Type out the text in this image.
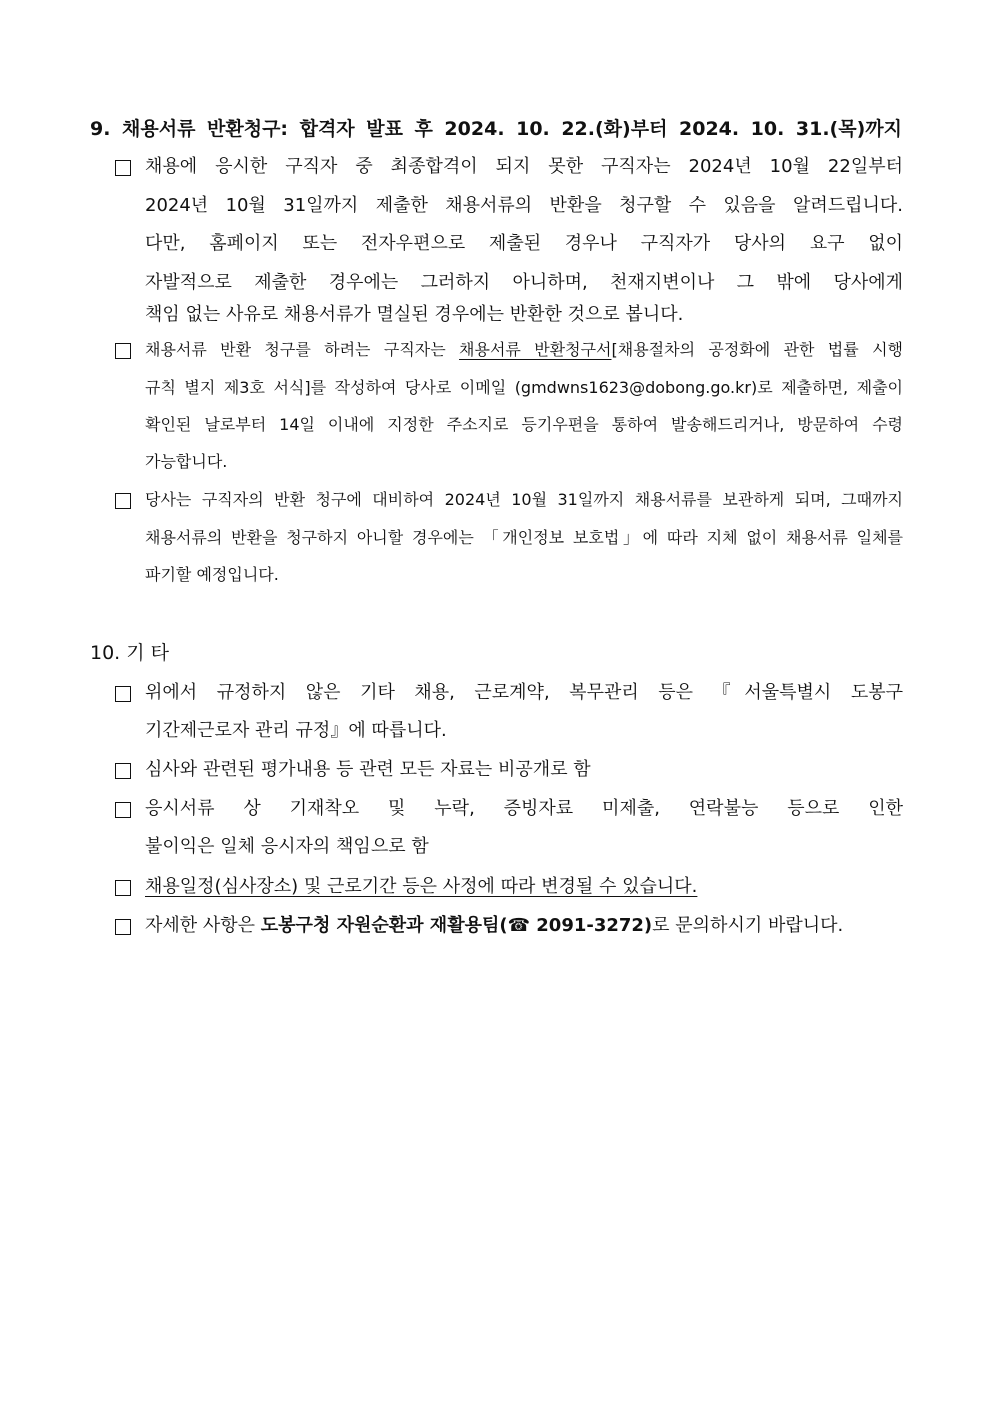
9. 채용서류 반환청구: 합격자 발표 후 2024. 10. 22.(화)부터 2024. 10. 31.(목)까지
채용에 응시한 구직자 중 최종합격이 되지 못한 구직자는 2024년 10월 22일부터
2024년 10월 31일까지 제출한 채용서류의 반환을 청구할 수 있음을 알려드립니다.
다만, 홈페이지 또는 전자우편으로 제출된 경우나 구직자가 당사의 요구 없이
자발적으로 제출한 경우에는 그러하지 아니하며, 천재지변이나 그 밖에 당사에게
책임 없는 사유로 채용서류가 멸실된 경우에는 반환한 것으로 봅니다.
채용서류 반환 청구를 하려는 구직자는 채용서류 반환청구서[채용절차의 공정화에 관한 법률 시행
규칙 별지 제3호 서식]를 작성하여 당사로 이메일 (gmdwns1623@dobong.go.kr)로 제출하면, 제출이
확인된 날로부터 14일 이내에 지정한 주소지로 등기우편을 통하여 발송해드리거나, 방문하여 수령
가능합니다.
당사는 구직자의 반환 청구에 대비하여 2024년 10월 31일까지 채용서류를 보관하게 되며, 그때까지
채용서류의 반환을 청구하지 아니할 경우에는 「개인정보 보호법」에 따라 지체 없이 채용서류 일체를
파기할 예정입니다.
10. 기 타
위에서 규정하지 않은 기타 채용, 근로계약, 복무관리 등은 『서울특별시 도봉구
기간제근로자 관리 규정』에 따릅니다.
심사와 관련된 평가내용 등 관련 모든 자료는 비공개로 함
응시서류 상 기재착오 및 누락, 증빙자료 미제출, 연락불능 등으로 인한
불이익은 일체 응시자의 책임으로 함
채용일정(심사장소) 및 근로기간 등은 사정에 따라 변경될 수 있습니다.
자세한 사항은 도봉구청 자원순환과 재활용팀(☎ 2091-3272)로 문의하시기 바랍니다.
